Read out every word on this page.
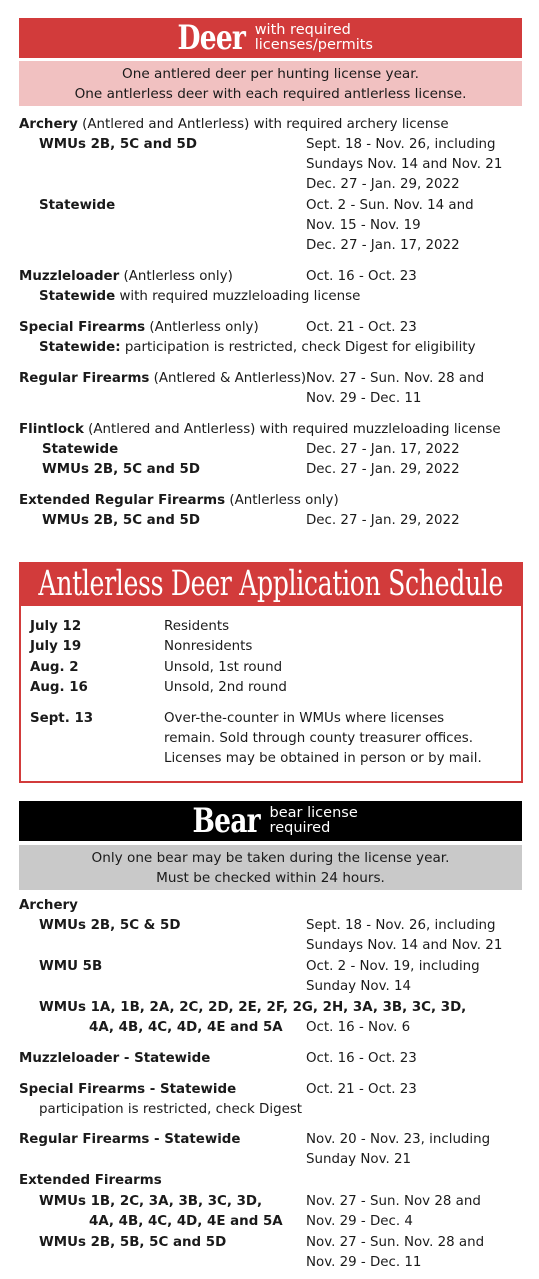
Deer with required
licenses/permits
One antlered deer per hunting license year.
One antlerless deer with each required antlerless license.
Archery (Antlered and Antlerless) with required archery license
WMUs 2B, 5C and 5D	Sept. 18 - Nov. 26, including
Sundays Nov. 14 and Nov. 21
Dec. 27 - Jan. 29, 2022
Statewide	Oct. 2 - Sun. Nov. 14 and
Nov. 15 - Nov. 19
Dec. 27 - Jan. 17, 2022
Muzzleloader (Antlerless only)	Oct. 16 - Oct. 23
Statewide with required muzzleloading license
Special Firearms (Antlerless only)	Oct. 21 - Oct. 23
Statewide: participation is restricted, check Digest for eligibility
Regular Firearms (Antlered & Antlerless) Nov. 27 - Sun. Nov. 28 and
Nov. 29 - Dec. 11
Flintlock (Antlered and Antlerless) with required muzzleloading license
Statewide	Dec. 27 - Jan. 17, 2022
WMUs 2B, 5C and 5D	Dec. 27 - Jan. 29, 2022
Extended Regular Firearms (Antlerless only)
WMUs 2B, 5C and 5D	Dec. 27 - Jan. 29, 2022
Antlerless Deer Application Schedule
July 12	Residents
July 19	Nonresidents
Aug. 2	Unsold, 1st round
Aug. 16	Unsold, 2nd round
Sept. 13	Over-the-counter in WMUs where licenses
remain. Sold through county treasurer offices.
Licenses may be obtained in person or by mail.
Bear bear license
required
Only one bear may be taken during the license year.
Must be checked within 24 hours.
Archery
WMUs 2B, 5C & 5D	Sept. 18 - Nov. 26, including
Sundays Nov. 14 and Nov. 21
WMU 5B	Oct. 2 - Nov. 19, including
Sunday Nov. 14
WMUs 1A, 1B, 2A, 2C, 2D, 2E, 2F, 2G, 2H, 3A, 3B, 3C, 3D,
4A, 4B, 4C, 4D, 4E and 5A Oct. 16 - Nov. 6
Muzzleloader - Statewide	Oct. 16 - Oct. 23
Special Firearms - Statewide	Oct. 21 - Oct. 23
participation is restricted, check Digest
Regular Firearms - Statewide	Nov. 20 - Nov. 23, including
Sunday Nov. 21
Extended Firearms
WMUs 1B, 2C, 3A, 3B, 3C, 3D,	Nov. 27 - Sun. Nov 28 and
4A, 4B, 4C, 4D, 4E and 5A Nov. 29 - Dec. 4
WMUs 2B, 5B, 5C and 5D	Nov. 27 - Sun. Nov. 28 and
Nov. 29 - Dec. 11
